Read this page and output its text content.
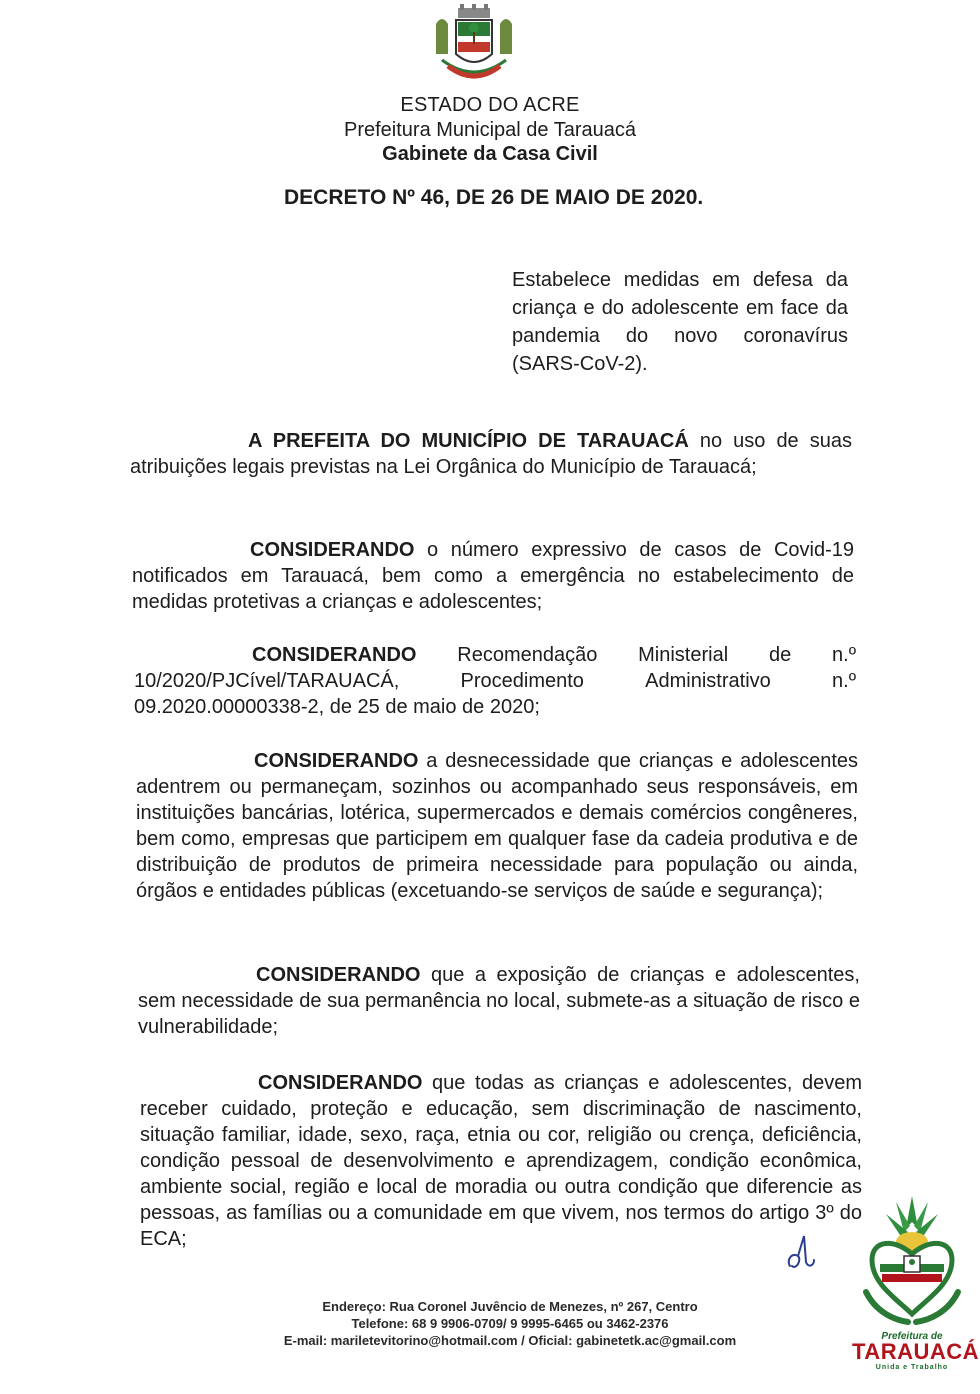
ESTADO DO ACRE
Prefeitura Municipal de Tarauacá
Gabinete da Casa Civil
DECRETO Nº 46, DE 26 DE MAIO DE 2020.
Estabelece medidas em defesa da
criança e do adolescente em face da
pandemia do novo coronavírus
(SARS-CoV-2).
A PREFEITA DO MUNICÍPIO DE TARAUACÁ no uso de suas atribuições legais previstas na Lei Orgânica do Município de Tarauacá;
CONSIDERANDO o número expressivo de casos de Covid-19 notificados em Tarauacá, bem como a emergência no estabelecimento de medidas protetivas a crianças e adolescentes;
CONSIDERANDO Recomendação Ministerial de n.º
10/2020/PJCível/TARAUACÁ,	Procedimento	Administrativo	n.º
09.2020.00000338-2, de 25 de maio de 2020;
CONSIDERANDO a desnecessidade que crianças e adolescentes adentrem ou permaneçam, sozinhos ou acompanhado seus responsáveis, em instituições bancárias, lotérica, supermercados e demais comércios congêneres, bem como, empresas que participem em qualquer fase da cadeia produtiva e de distribuição de produtos de primeira necessidade para população ou ainda, órgãos e entidades públicas (excetuando-se serviços de saúde e segurança);
CONSIDERANDO que a exposição de crianças e adolescentes, sem necessidade de sua permanência no local, submete-as a situação de risco e vulnerabilidade;
CONSIDERANDO que todas as crianças e adolescentes, devem receber cuidado, proteção e educação, sem discriminação de nascimento, situação familiar, idade, sexo, raça, etnia ou cor, religião ou crença, deficiência, condição pessoal de desenvolvimento e aprendizagem, condição econômica, ambiente social, região e local de moradia ou outra condição que diferencie as pessoas, as famílias ou a comunidade em que vivem, nos termos do artigo 3º do ECA;
Endereço: Rua Coronel Juvêncio de Menezes, nº 267, Centro
Telefone: 68 9 9906-0709/ 9 9995-6465 ou 3462-2376
E-mail: mariletevitorino@hotmail.com / Oficial: gabinetetk.ac@gmail.com	Prefeitura de
TARAUACÁ
Unida e Trabalho
